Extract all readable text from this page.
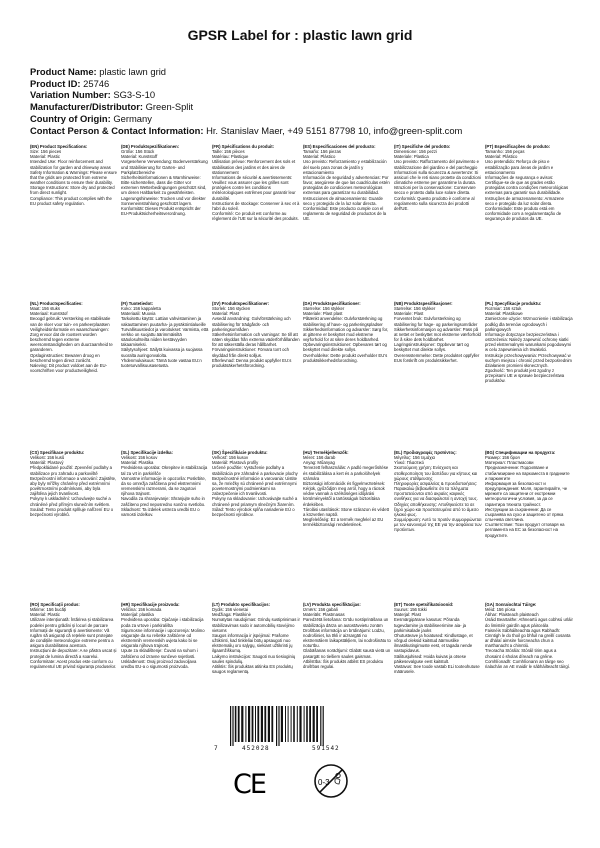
GPSR Label for : plastic lawn grid
Product Name: plastic lawn grid
Product ID: 25746
Variation Number: SG3-S-10
Manufacturer/Distributor: Green-Split
Country of Origin: Germany
Contact Person & Contact Information: Hr. Stanislav Maer, +49 5151 87798 10, info@green-split.com
(EN) Product Specifications:
Size: 156 pieces
Material: Plastic
Intended Use: Floor reinforcement and stabilization for garden and driveway areas
Safety Information & Warnings: Please ensure that the grids are protected from extreme weather conditions to ensure their durability.
Storage Instructions: Store dry and protected from direct sunlight.
Compliance: This product complies with the EU product safety regulation.
(DE) Produktspezifikationen:
Größe: 156 Stück
Material: Kunststoff
Vorgesehene Verwendung: Bodenverstärkung und Stabilisierung für Garten- und Parkplatzbereiche
Sicherheitsinformationen & Warnhinweise: Bitte sicherstellen, dass die Gitter vor extremen Wetterbedingungen geschützt sind, um deren Haltbarkeit zu gewährleisten.
Lagerungshinweise: Trocken und vor direkter Sonneneinstrahlung geschützt lagern.
Konformität: Dieses Produkt entspricht der EU-Produktsicherheitsverordnung.
(FR) Spécifications du produit:
Taille: 156 pièces
Matériau: Plastique
Utilisation prévue: Renforcement des sols et stabilisation des jardins et des aires de stationnement
Informations de sécurité & avertissements: Veuillez vous assurer que les grilles sont protégées contre les conditions météorologiques extrêmes pour garantir leur durabilité.
Instructions de stockage: Conserver à sec et à l'abri du soleil.
Conformité: Ce produit est conforme au règlement de l'UE sur la sécurité des produits.
(ES) Especificaciones del producto:
Tamaño: 156 piezas
Material: Plástico
Uso previsto: Reforzamiento y estabilización del suelo para zonas de jardín y estacionamiento
Información de seguridad y advertencias: Por favor, asegúrese de que las cuadrículas estén protegidas de condiciones meteorológicas extremas para garantizar su durabilidad.
Instrucciones de almacenamiento: Guarde seco y protegido de la luz solar directa.
Conformidad: Este producto cumple con el reglamento de seguridad de productos de la UE.
(IT) Specifiche del prodotto:
Dimensione: 156 pezzi
Materiale: Plastica
Uso previsto: Rafforzamento del pavimento e stabilizzazione del giardino e del parcheggio
Informazioni sulla sicurezza & avvertenze: Si assicuri che le reti siano protette da condizioni climatiche estreme per garantirne la durata.
Istruzioni per la conservazione: Conservare secco e protetto dalla luce solare diretta.
Conformità: Questo prodotto è conforme al regolamento sulla sicurezza dei prodotti dell'UE.
(PT) Especificações do produto:
Tamanho: 156 peças
Material: Plástico
Uso pretendido: Reforço de piso e estabilização para áreas de jardim e estacionamento
Informações de segurança e avisos: Certifique-se de que as grades estão protegidas contra condições meteorológicas extremas para garantir sua durabilidade.
Instruções de armazenamento: Armazene seco e protegido da luz solar direta.
Conformidade: Este produto está em conformidade com a regulamentação de segurança de produtos da UE.
(NL) Productspecificaties:
Maat: 156 stuks
Materiaal: Kunststof
Beoogd gebruik: Versterking en stabilisatie van de vloer voor tuin- en parkeerplaatsen
Veiligheidsinformatie en waarschuwingen: Zorg ervoor dat de roosters worden beschermd tegen extreme weersomstandigheden om duurzaamheid te garanderen.
Opslaginstructies: Bewaren droog en beschermd tegen direct zonlicht.
Naleving: Dit product voldoet aan de EU-voorschriften voor productveiligheid.
(FI) Tuotetiedot:
Koko: 156 kappaletta
Materiaali: Muovia
Tarkoitettu käyttö: Lattian vahvistaminen ja vakauttaminen puutarha- ja pysäköintialueille
Turvallisuustiedot ja varoitukset: Varmista, että verkko on suojattu äärimmäisiltä sääolosuhteilta niiden kestävyyden takaamiseksi.
Säilytysohjeet: Säilytä kuivassa ja suojassa suoralta auringonvalolta.
Yhdenmukaisuus: Tämä tuote vastaa EU:n tuoteturvallisuusasetusta.
(SV) Produktspecifikationer:
Storlek: 156 stycken
Material: Plast
Avsedd användning: Golvförstärkning och stabilisering för trädgårds- och parkeringsområden
Säkerhetsinformation och varningar: Se till att näten skyddas från extrema väderförhållanden för att säkerställa deras hållbarhet.
Förvaringsinstruktioner: Förvara torrt och skyddad från direkt solljus.
Efterlevnad: Denna produkt uppfyller EU:s produktsäkerhetsförordning.
(DA) Produktspecifikationer:
Størrelse: 156 stykker
Materiale: Plast plast
Påtænkt anvendelse: Gulvforstærkning og stabilisering af have- og parkeringspladser
Sikkerhedsinformation og advarsler: Sørg for, at gitterne er beskyttet mod ekstreme vejrforhold for at sikre deres holdbarhed.
Opbevaringsinstruktioner: Opbevares tørt og beskyttet mod direkte sollys.
Overholdelse: Dette produkt overholder EU's produktsikkerhedsforordning.
(NB) Produktspesifikasjoner:
Størrelse: 156 stykker
Materiale: Plast
Forventet bruk: Gulvforsterkning og stabilisering for hage- og parkeringsområder
Sikkerhetsinformasjon og advarsler: Pass på at nettet er beskyttet mot ekstreme værforhold for å sikre dets holdbarhet.
Lagringsinstruksjoner: Oppbevar tørt og beskyttet mot direkte sollys.
Overensstemmelse: Dette produktet oppfyller EUs forskrift om produktsikkerhet.
(PL) Specyfikacje produktu:
Rozmiar: 156 sztuk
Materiał: Plastikowe
Zamierzone użycie: Wzmocnienie i stabilizacja podłóg dla terenów ogrodowych i parkingowych
Informacje dotyczące bezpieczeństwa i ostrzeżenia: Należy zapewnić ochronę siatki przed ekstremalnymi warunkami pogodowymi w celu zapewnienia ich trwałości.
Instrukcje przechowywania: Przechowywać w suchym miejscu i chronić przed bezpośrednim działaniem promieni słonecznych.
Zgodność: Ten produkt jest zgodny z przepisami UE w sprawie bezpieczeństwa produktów.
(CS) Specifikace produktu:
Velikost: 156 kusů
Materiál: Plastový
Předpokládané použití: Zpevnění podlahy a stabilizace pro zahradu a parkoviště
Bezpečnostní informace a varování: Zajistěte, aby byly mřížky chráněny před extrémními povětrnostními podmínkami, aby byla zajištěna jejich trvanlivost.
Pokyny k uskladnění: Uchovávejte suché a chráněné před přímým slunečním světlem.
Soulad: Tento produkt splňuje nařízení EU o bezpečnosti výrobků.
(SL) Specifikacije izdelka:
Velikost: 156 kosov
Material: Plastika
Predvidena uporaba: Okrepitev in stabilizacija tal za vrt in parkirišče
Varnostne informacije in opozorila: Poskrbite, da so omrežja zaščitena pred ekstremnimi vremenskimi razmerami, da se zagotovi njihova trajnost.
Navodila za shranjevanje: Shranjujte suho in zaščiteno pred neposredno sončno svetlobo.
Skladnost: Ta izdelek ustreza uredbi EU o varnosti izdelkov.
(SK) Špecifikácie produktu:
Veľkosť: 156 kusov
Materiál: Plastová profily
Určené použitie: Vystuženie podlahy a stabilizácia pre záhradné a parkovacie plochy
Bezpečnostné informácie a varovania: Uistite sa, že mriežky sú chránené pred extrémnymi poveternostnými podmienkami na zabezpečenie ich trvanlivosti.
Pokyny na skladovanie: Uchovávajte suché a chránené pred priamym slnečným žiarením.
Súlad: Tento výrobok spĺňa nariadenie EÚ o bezpečnosti výrobkov.
(HU) Termékjellemzők:
Méret: 156 darab
Anyag: Műanyag
Tervezett felhasználás: A padló megerősítése és stabilizálása a kert és a parkolóhelyek számára
Biztonsági információk és figyelmeztetések: Kérjük, győződjön meg arról, hogy a rácsok védve vannak a szélsőséges időjárási körülményektől a tartósságuk biztosítása érdekében.
Tárolási utasítások: Stone szárazon és védett a közvetlen naptól.
Megfelelőség: Ez a termék megfelel az EU termékbiztonsági rendeletének.
(EL) Προδιαγραφές προϊόντος:
Μέγεθος: 156 τεμάχια
Υλικό: Πλαστικό
Σκοπούμενη χρήση: Ενίσχυση και σταθεροποίηση του δαπέδου για κήπους και χώρους στάθμευσης
Πληροφορίες ασφαλείας & προειδοποιήσεις: Παρακαλώ βεβαιωθείτε ότι τα πλέγματα προστατεύονται από ακραίες καιρικές συνθήκες για να διασφαλιστεί η αντοχή τους.
Οδηγίες αποθήκευσης: Αποθηκεύστε τα σε ξηρό χώρο και προστατευμένα από το άμεσο ηλιακό φως.
Συμμόρφωση: Αυτό το προϊόν συμμορφώνεται με τον κανονισμό της ΕΕ για την ασφάλεια των προϊόντων.
(BG) Спецификации на продукта:
Размер: 156 броя
Материал: Пластмасови
Предназначение: Подсилване и стабилизиране на паркоместа в градините и паркингите
Информация за безопасност и предупреждения: Моля, гарантирайте, че мрежите са защитени от екстремни метеорологични условия, за да се гарантира тяхната трайност.
Инструкции за съхранение: Да се съхранява на сухо и защитено от пряка слънчева светлина.
Съответствие: Този продукт отговаря на регламента на ЕС за безопасност на продуктите.
(RO) Specificații produs:
Mărime: 156 bucăți
Material: Plastic
Utilizare intenționată: Întărirea și stabilizarea podelei pentru grădini și locuri de parcare
Informații de siguranță și avertismente: Vă rugăm să asigurați că rețelele sunt protejate de condițiile meteorologice extreme pentru a asigura durabilitatea acestora.
Instrucțiuni de depozitare: A se păstra uscat și protejat de lumina directă a soarelui.
Conformitate: Acest produs este conform cu regulamentul UE privind siguranța produselor.
(HR) Specifikacije proizvoda:
Veličina: 156 komada
Materijal: plastika
Predviđena uporaba: Ojačanje i stabilizacija poda za vrtove i parkirališta
Sigurnosne informacije i upozorenja: Molimo osigurajte da su rešetke zaštićene od ekstremnih vremenskih uvjeta kako bi se osigurala njihova trajnost.
Upute za skladištenje: Čuvati na suhom i zaštićeno od izravne sunčeve svjetlosti.
Usklađenost: Ovaj proizvod zadovoljava uredbu EU-a o sigurnosti proizvoda.
(LT) Produkto specifikacijos:
Dydis: 156 vienetai
Medžiaga: Plastikinė
Numatytas naudojimas: Grindų sustiprinimas ir stabilizavimas sodo ir automobilių stovėjimo vietoms
Saugos informacija ir įspėjimai: Prašome užtikrinti, kad tinkleliai būtų apsaugoti nuo ekstremalių oro sąlygų, siekiant užtikrinti jų ilgaamžiškumą.
Laikymo instrukcijos: Saugoti nuo tiesioginių saulės spindulių.
Atitiktis: Šis produktas atitinka ES produktų saugos reglamentą.
(LV) Produkta specifikācijas:
Izmērs: 156 gabali
Materiāls: Plastmasas
Paredzētā lietošana: Grīdu nostiprināšana un stabilizācija dārza un autostāvvietu zonām
Drošības informācija un brīdinājumi: Lūdzu, nodrošiniet, ka tīkli ir aizsargāti no ekstremāliem laikapstākļiem, lai nodrošinātu to noturību.
Glabāšanas norādījumi: Glabāt sausā vietā un pasargāt no tiešiem saules gaismas.
Atbilstība: Šis produkts atbilst ES produktu drošības regulai.
(ET) Toote spetsifikatsioonid:
Suurus: 156 tükki
Materjal: Plast
Eesmärgipärane kasutus: Põranda tugevdamine ja stabiliseerimine aia- ja parkimisalade jaoks
Ohutusteave ja hoiatused: Kindlustage, et võrgud oleksid kaitstud äärmuslike ilmastikutingimuste eest, et tagada nende vastupidavus.
Säilitusjuhised: Hoida kuivas ja otsese päikesevalguse eest kaitstult.
Vastavus: See toode vastab ELi tooteohutuse määrusele.
(GA) Sonraíochtaí Táirge:
Méid: 156 píosa
Ábhar: Plaisteach plaisteach
Úsáid Beartaithe: Athneartú agus cobhsú urláir do limistéir gairdín agus páirceála
Faisnéis Sábháilteachta agus Rabhadh: Cinntigh le do thoil go bhfuil na greillí cosanta ar dhálaí aimsire foircneacha chun a marthanacht a chinntiú.
Treoracha Stórála: Stóráil tirim agus a chosaint ó sholas díreach na gréine.
Comhlíonadh: Comhlíonann an táirge seo rialachán an AE maidir le sábháilteacht táirgí.
7	452028	591542
CE	0-3
